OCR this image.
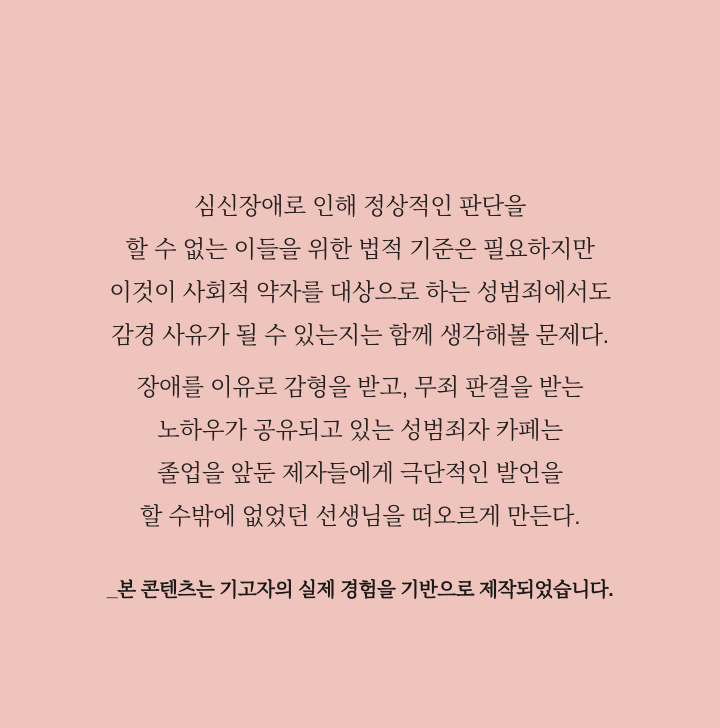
심신장애로 인해 정상적인 판단을
할 수 없는 이들을 위한 법적 기준은 필요하지만
이것이 사회적 약자를 대상으로 하는 성범죄에서도
감경 사유가 될 수 있는지는 함께 생각해볼 문제다.
장애를 이유로 감형을 받고, 무죄 판결을 받는
노하우가 공유되고 있는 성범죄자 카페는
졸업을 앞둔 제자들에게 극단적인 발언을
할 수밖에 없었던 선생님을 떠오르게 만든다.
_본 콘텐츠는 기고자의 실제 경험을 기반으로 제작되었습니다.
